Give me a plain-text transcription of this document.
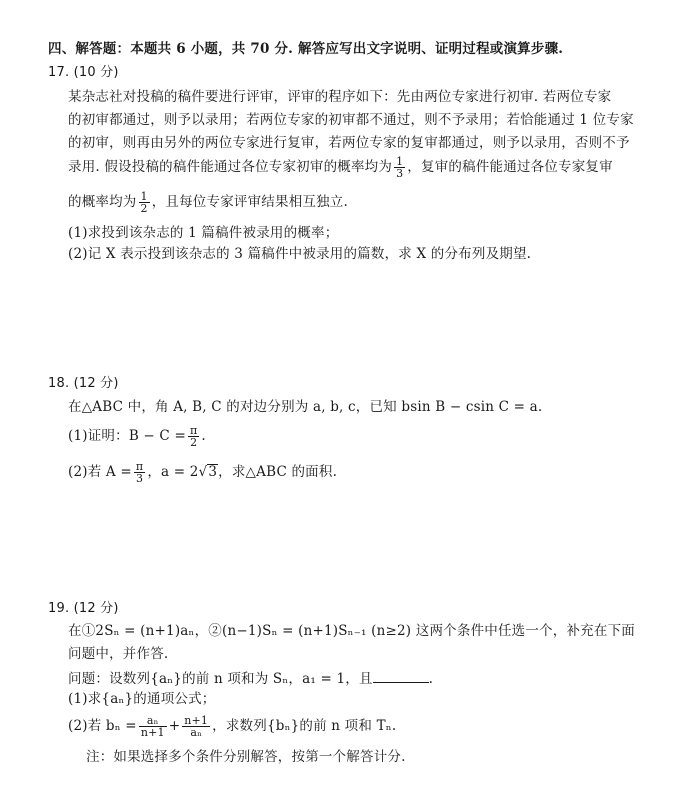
四、解答题：本题共 6 小题，共 70 分. 解答应写出文字说明、证明过程或演算步骤.
17. (10 分)
某杂志社对投稿的稿件要进行评审，评审的程序如下：先由两位专家进行初审. 若两位专家
的初审都通过，则予以录用；若两位专家的初审都不通过，则不予录用；若恰能通过 1 位专家
的初审，则再由另外的两位专家进行复审，若两位专家的复审都通过，则予以录用，否则不予
录用. 假设投稿的稿件能通过各位专家初审的概率均为 $\frac{1}{3}$ ，复审的稿件能通过各位专家复审
的概率均为 $\frac{1}{2}$ ，且每位专家评审结果相互独立.
(1)求投到该杂志的 1 篇稿件被录用的概率；
(2)记 X 表示投到该杂志的 3 篇稿件中被录用的篇数，求 X 的分布列及期望.
18. (12 分)
在△ABC 中，角 A, B, C 的对边分别为 a, b, c，已知 bsin B − csin C = a.
(1)证明：$B - C = \frac{\pi}{2}$ .
(2)若 $A = \frac{\pi}{3}$ ，a = 2√3，求△ABC 的面积.
19. (12 分)
在①2Sₙ = (n+1)aₙ，②(n−1)Sₙ = (n+1)Sₙ₋₁ (n≥2) 这两个条件中任选一个，补充在下面
问题中，并作答.
问题：设数列{aₙ}的前 n 项和为 Sₙ，a₁ = 1，且	.
(1)求{aₙ}的通项公式；
(2)若 $b_n = \frac{\text{aₙ}}{n+1} + \frac{n+1}{\text{aₙ}}$ ，求数列{bₙ}的前 n 项和 Tₙ.
注：如果选择多个条件分别解答，按第一个解答计分.
